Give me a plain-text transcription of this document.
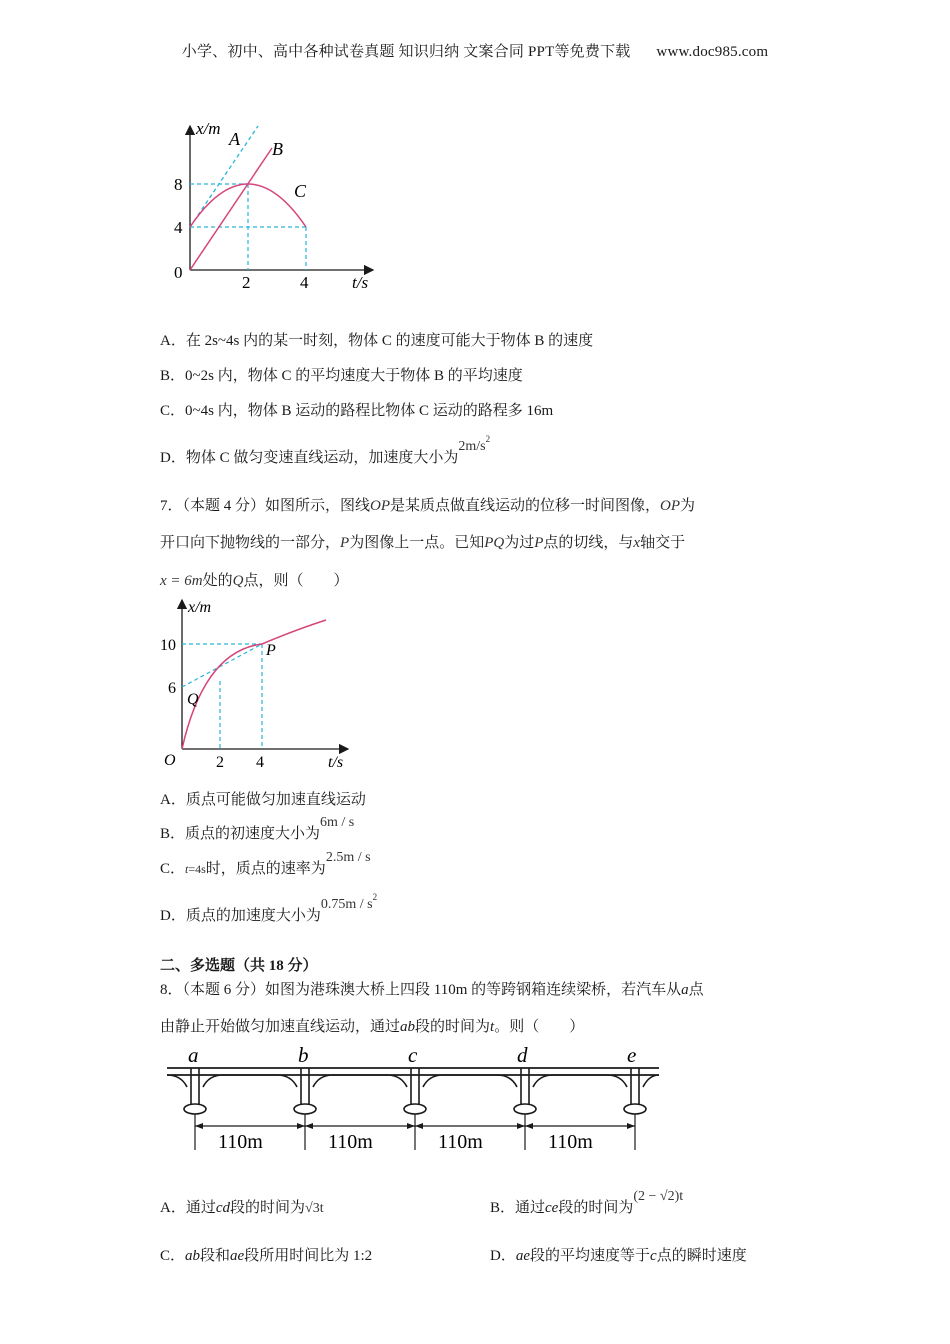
小学、初中、高中各种试卷真题 知识归纳 文案合同 PPT等免费下载 www.doc985.com
x/m
t/s
0
8
4
2	4
A B
C
A．在 2s~4s 内的某一时刻，物体 C 的速度可能大于物体 B 的速度
B．0~2s 内，物体 C 的平均速度大于物体 B 的平均速度
C．0~4s 内，物体 B 运动的路程比物体 C 运动的路程多 16m
D．物体 C 做匀变速直线运动，加速度大小为$2m/s^2$
7．（本题 4 分）如图所示，图线OP是某质点做直线运动的位移一时间图像，OP为
开口向下抛物线的一部分，P为图像上一点。已知PQ为过P点的切线，与x轴交于
x = 6m处的Q点，则（　　）
x/m
t/s
O
10
6
2 4
P
Q
A．质点可能做匀加速直线运动
B．质点的初速度大小为6m / s
C．t=4s时，质点的速率为2.5m / s
D．质点的加速度大小为$0.75m / s^2$
二、多选题（共 18 分）
8．（本题 6 分）如图为港珠澳大桥上四段 110m 的等跨钢箱连续梁桥，若汽车从a点
由静止开始做匀加速直线运动，通过ab段的时间为t。则（　　）
a	b	c	d	e
110m	110m	110m	110m
A．通过cd段的时间为√3t	B．通过ce段的时间为(2 − √2)t
C．ab段和ae段所用时间比为 1:2	D．ae段的平均速度等于c点的瞬时速度
